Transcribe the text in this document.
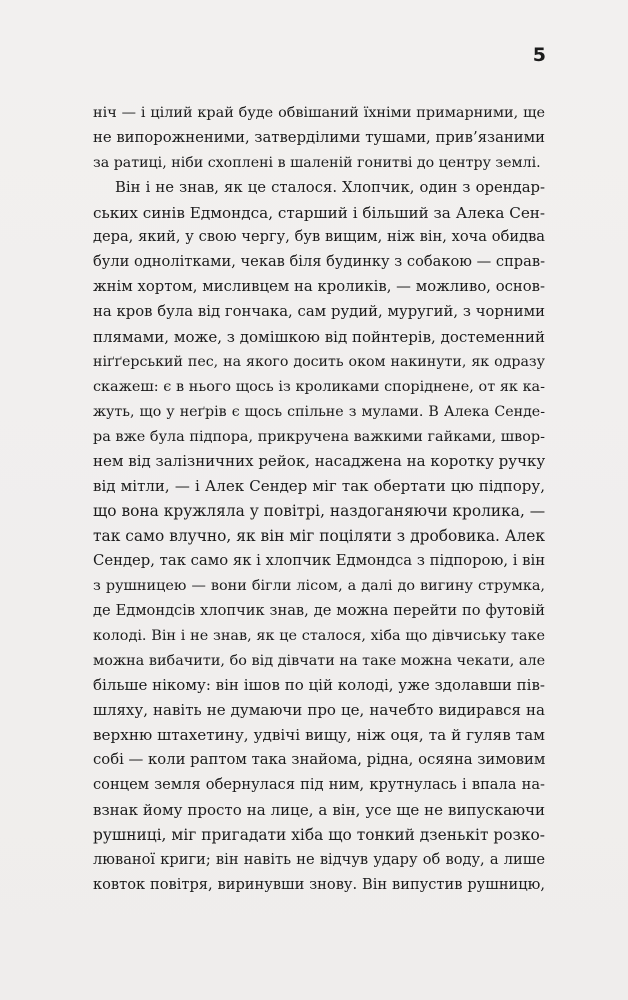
5
ніч — і цілий край буде обвішаний їхніми примарними, ще
не випорожненими, затверділими тушами, прив’язаними
за ратиці, ніби схоплені в шаленій гонитві до центру землі.
Він і не знав, як це сталося. Хлопчик, один з орендар-
ських синів Едмондса, старший і більший за Алека Сен-
дера, який, у свою чергу, був вищим, ніж він, хоча обидва
були однолітками, чекав біля будинку з собакою — справ-
жнім хортом, мисливцем на кроликів, — можливо, основ-
на кров була від гончака, сам рудий, муругий, з чорними
плямами, може, з домішкою від пойнтерів, достеменний
ніґґерський пес, на якого досить оком накинути, як одразу
скажеш: є в нього щось із кроликами споріднене, от як ка-
жуть, що у неґрів є щось спільне з мулами. В Алека Сенде-
ра вже була підпора, прикручена важкими гайками, швор-
нем від залізничних рейок, насаджена на коротку ручку
від мітли, — і Алек Сендер міг так обертати цю підпору,
що вона кружляла у повітрі, наздоганяючи кролика, —
так само влучно, як він міг поціляти з дробовика. Алек
Сендер, так само як і хлопчик Едмондса з підпорою, і він
з рушницею — вони бігли лісом, а далі до вигину струмка,
де Едмондсів хлопчик знав, де можна перейти по футовій
колоді. Він і не знав, як це сталося, хіба що дівчиську таке
можна вибачити, бо від дівчати на таке можна чекати, але
більше нікому: він ішов по цій колоді, уже здолавши пів-
шляху, навіть не думаючи про це, начебто видирався на
верхню штахетину, удвічі вищу, ніж оця, та й гуляв там
собі — коли раптом така знайома, рідна, осяяна зимовим
сонцем земля обернулася під ним, крутнулась і впала на-
взнак йому просто на лице, а він, усе ще не випускаючи
рушниці, міг пригадати хіба що тонкий дзенькіт розко-
люваної криги; він навіть не відчув удару об воду, а лише
ковток повітря, виринувши знову. Він випустив рушницю,
